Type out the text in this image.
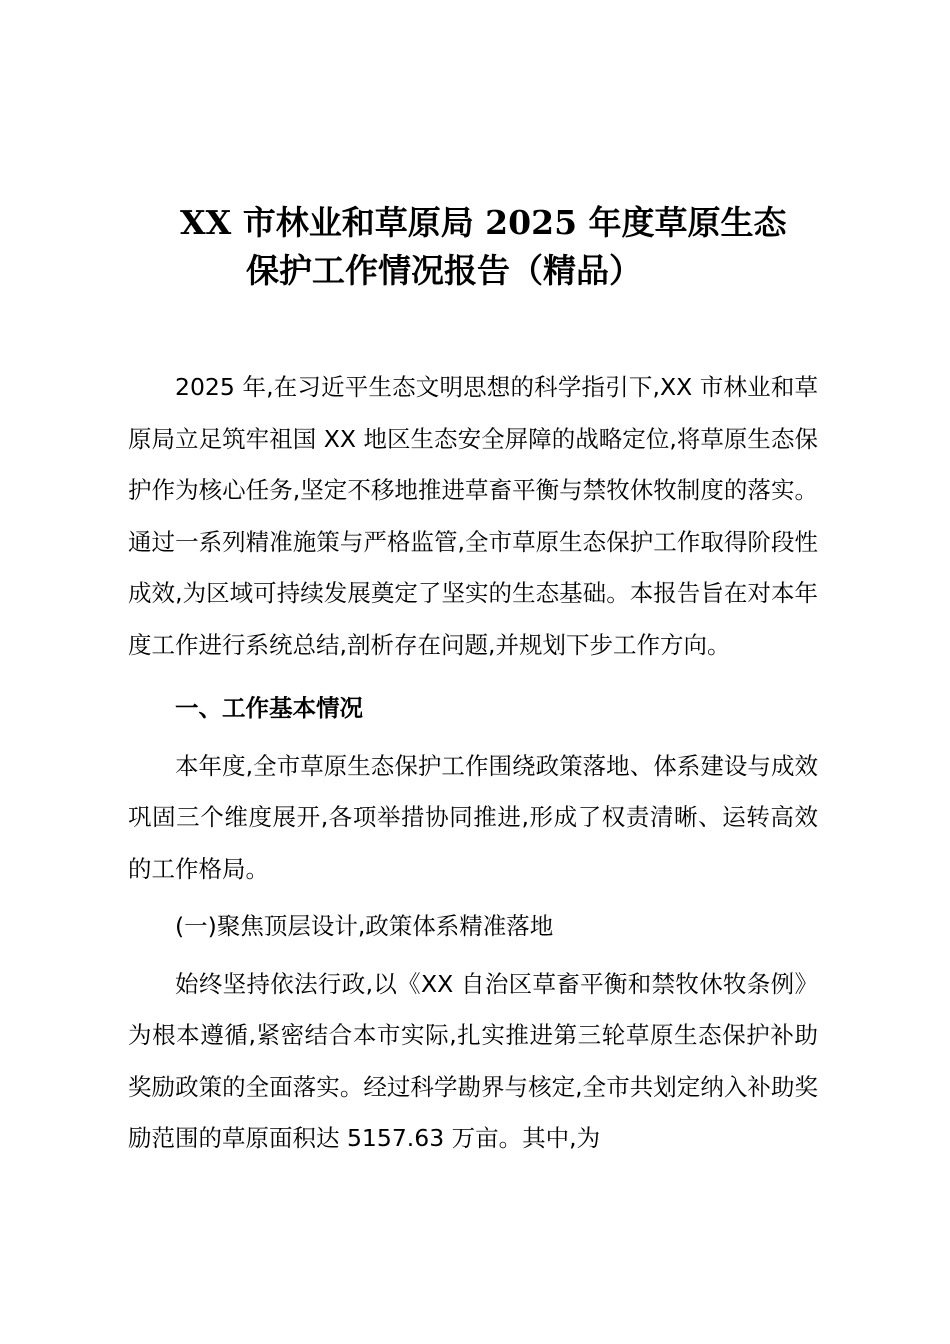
XX 市林业和草原局 2025 年度草原生态
保护工作情况报告（精品）

2025 年,在习近平生态文明思想的科学指引下,XX 市林业和草原局立足筑牢祖国 XX 地区生态安全屏障的战略定位,将草原生态保护作为核心任务,坚定不移地推进草畜平衡与禁牧休牧制度的落实。通过一系列精准施策与严格监管,全市草原生态保护工作取得阶段性成效,为区域可持续发展奠定了坚实的生态基础。本报告旨在对本年度工作进行系统总结,剖析存在问题,并规划下步工作方向。

一、工作基本情况

本年度,全市草原生态保护工作围绕政策落地、体系建设与成效巩固三个维度展开,各项举措协同推进,形成了权责清晰、运转高效的工作格局。

(一)聚焦顶层设计,政策体系精准落地

始终坚持依法行政,以《XX 自治区草畜平衡和禁牧休牧条例》为根本遵循,紧密结合本市实际,扎实推进第三轮草原生态保护补助奖励政策的全面落实。经过科学勘界与核定,全市共划定纳入补助奖励范围的草原面积达 5157.63 万亩。其中,为
